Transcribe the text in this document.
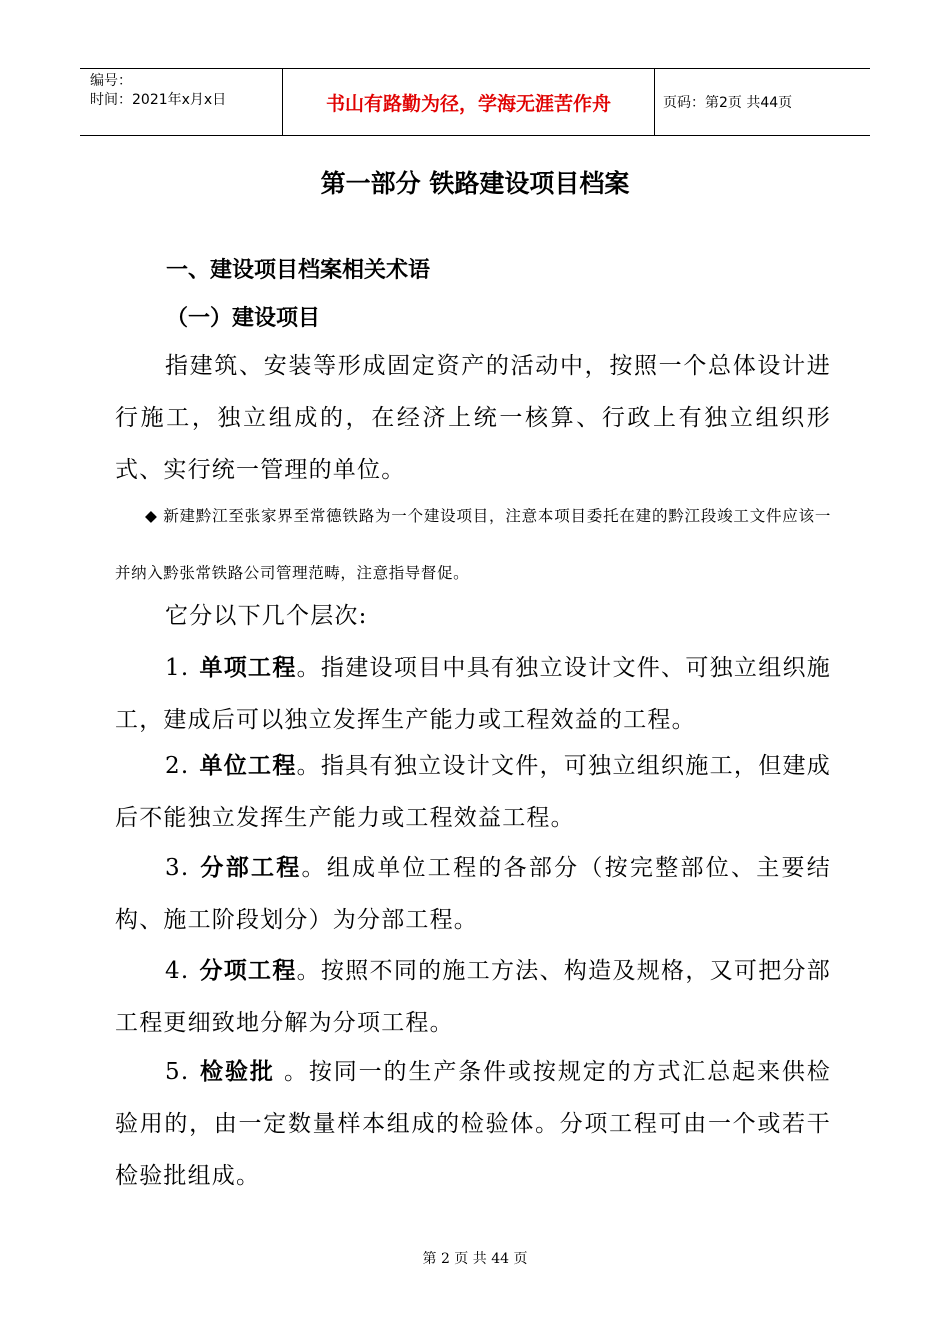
编号：
时间：2021年x月x日	书山有路勤为径，学海无涯苦作舟	页码：第2页 共44页
第一部分 铁路建设项目档案
一、建设项目档案相关术语
（一）建设项目
指建筑、安装等形成固定资产的活动中，按照一个总体设计进行施工，独立组成的，在经济上统一核算、行政上有独立组织形式、实行统一管理的单位。
◆ 新建黔江至张家界至常德铁路为一个建设项目，注意本项目委托在建的黔江段竣工文件应该一并纳入黔张常铁路公司管理范畴，注意指导督促。
它分以下几个层次:
1. 单项工程。指建设项目中具有独立设计文件、可独立组织施工，建成后可以独立发挥生产能力或工程效益的工程。
2. 单位工程。指具有独立设计文件，可独立组织施工，但建成后不能独立发挥生产能力或工程效益工程。
3. 分部工程。组成单位工程的各部分（按完整部位、主要结构、施工阶段划分）为分部工程。
4. 分项工程。按照不同的施工方法、构造及规格，又可把分部工程更细致地分解为分项工程。
5. 检验批 。按同一的生产条件或按规定的方式汇总起来供检验用的，由一定数量样本组成的检验体。分项工程可由一个或若干检验批组成。
第 2 页 共 44 页
